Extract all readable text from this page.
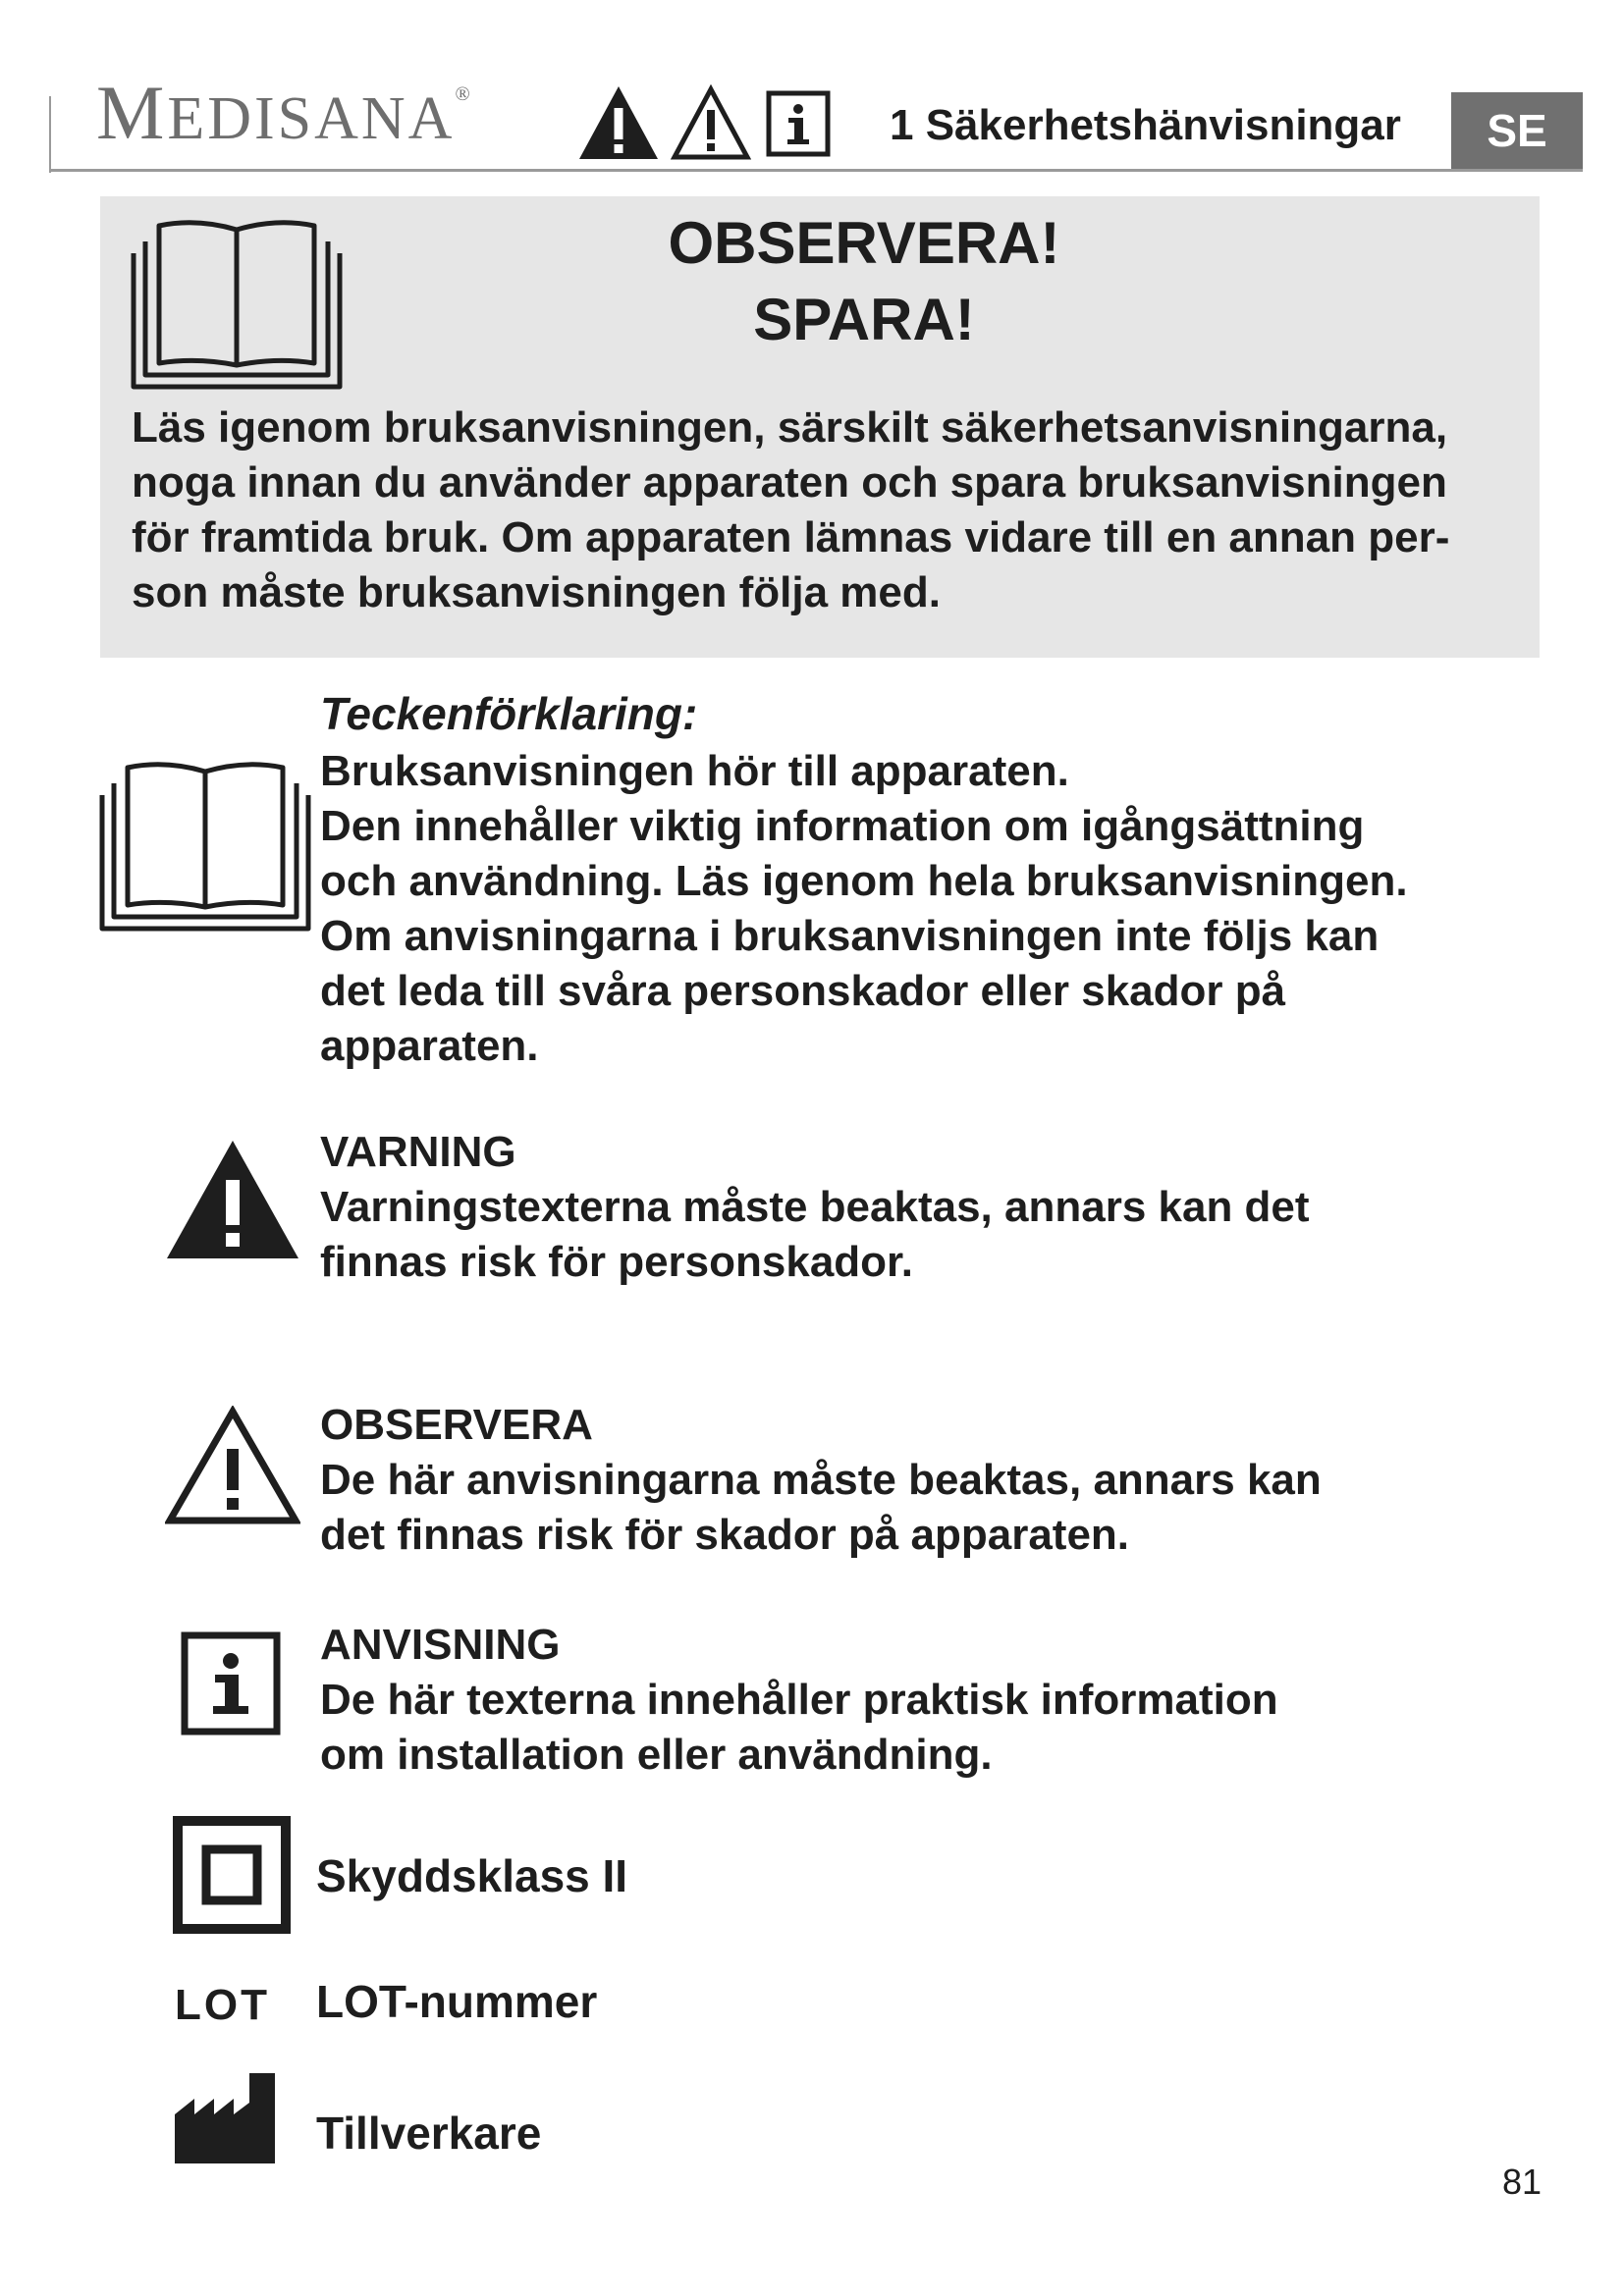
MEDISANA®
1 Säkerhetshänvisningar	SE
OBSERVERA!
SPARA!

Läs igenom bruksanvisningen, särskilt säkerhetsanvisningarna,
noga innan du använder apparaten och spara bruksanvisningen
för framtida bruk. Om apparaten lämnas vidare till en annan per-
son måste bruksanvisningen följa med.

Teckenförklaring:

Bruksanvisningen hör till apparaten.
Den innehåller viktig information om igångsättning
och användning. Läs igenom hela bruksanvisningen.
Om anvisningarna i bruksanvisningen inte följs kan
det leda till svåra personskador eller skador på
apparaten.

VARNING
Varningstexterna måste beaktas, annars kan det
finnas risk för personskador.

OBSERVERA
De här anvisningarna måste beaktas, annars kan
det finnas risk för skador på apparaten.

ANVISNING
De här texterna innehåller praktisk information
om installation eller användning.

Skyddsklass II
LOT LOT-nummer
Tillverkare
81
